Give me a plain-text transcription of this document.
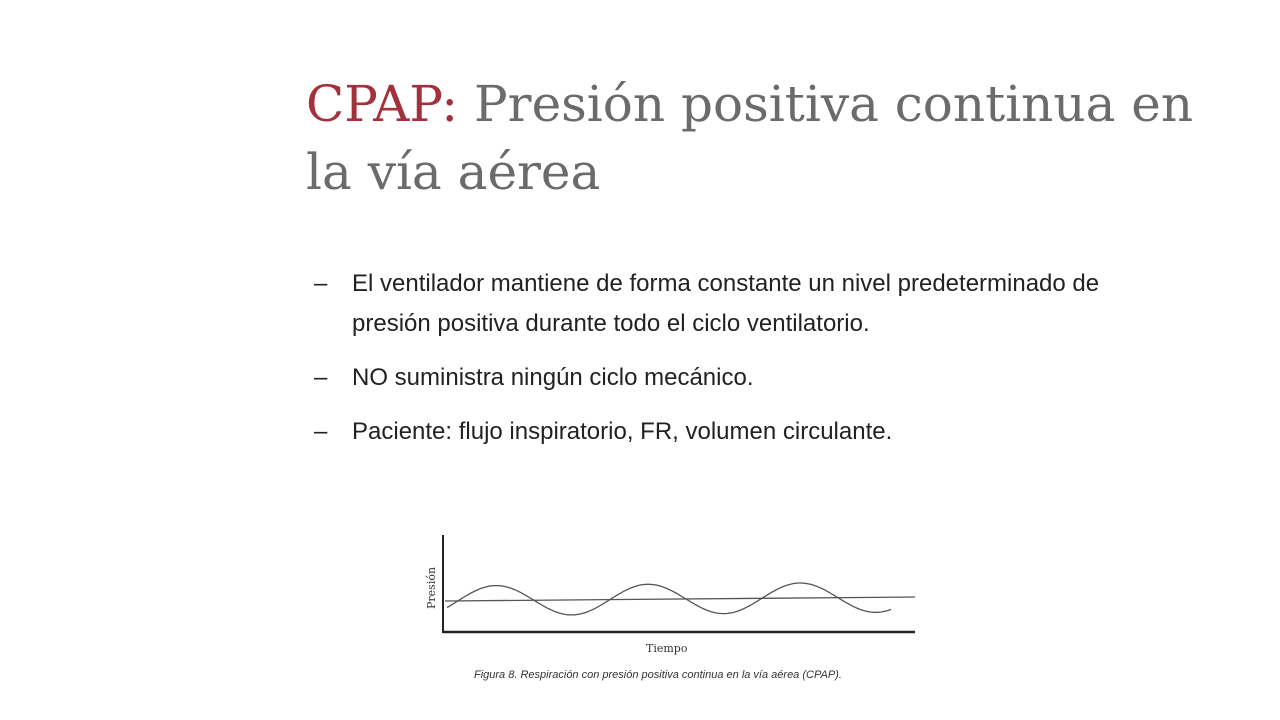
CPAP: Presión positiva continua en la vía aérea
– El ventilador mantiene de forma constante un nivel predeterminado de presión positiva durante todo el ciclo ventilatorio.
– NO suministra ningún ciclo mecánico.
– Paciente: flujo inspiratorio, FR, volumen circulante.
Presión
Tiempo
Figura 8. Respiración con presión positiva continua en la vía aérea (CPAP).
